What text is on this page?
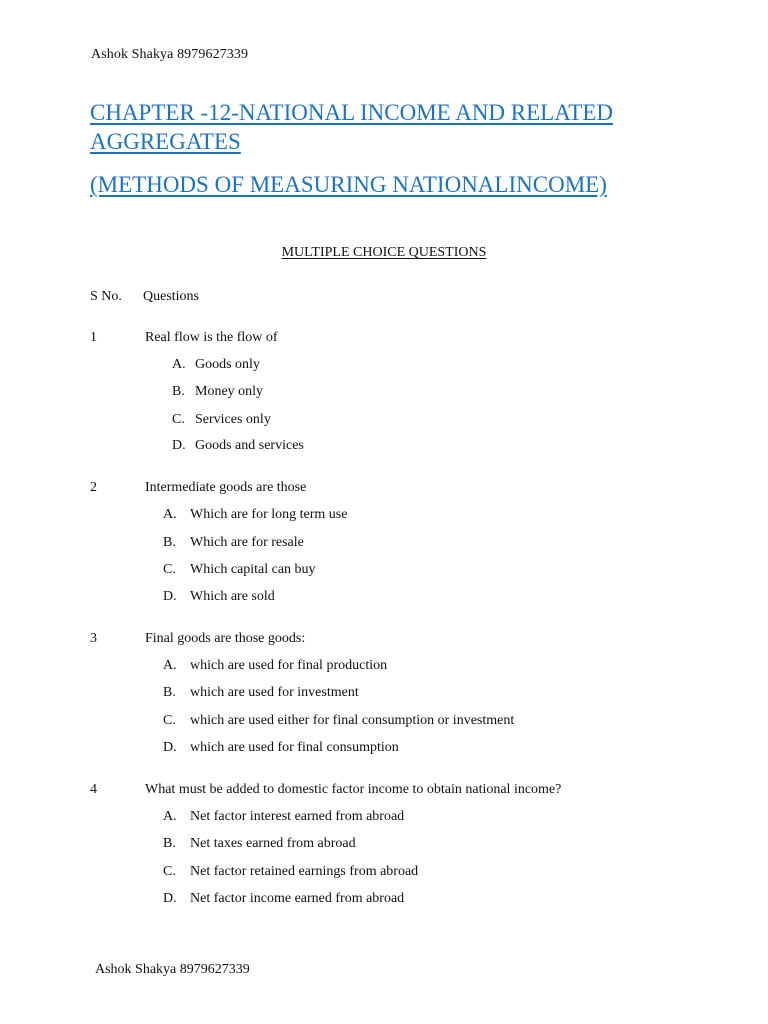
Ashok Shakya 8979627339
CHAPTER -12-NATIONAL INCOME AND RELATED AGGREGATES
(METHODS OF MEASURING NATIONALINCOME)
MULTIPLE CHOICE QUESTIONS
S No. Questions
1	Real flow is the flow of
A. Goods only
B. Money only
C. Services only
D. Goods and services
2	Intermediate goods are those
A. Which are for long term use
B. Which are for resale
C. Which capital can buy
D. Which are sold
3	Final goods are those goods:
A. which are used for final production
B. which are used for investment
C. which are used either for final consumption or investment
D. which are used for final consumption
4	What must be added to domestic factor income to obtain national income?
A. Net factor interest earned from abroad
B. Net taxes earned from abroad
C. Net factor retained earnings from abroad
D. Net factor income earned from abroad
Ashok Shakya 8979627339
